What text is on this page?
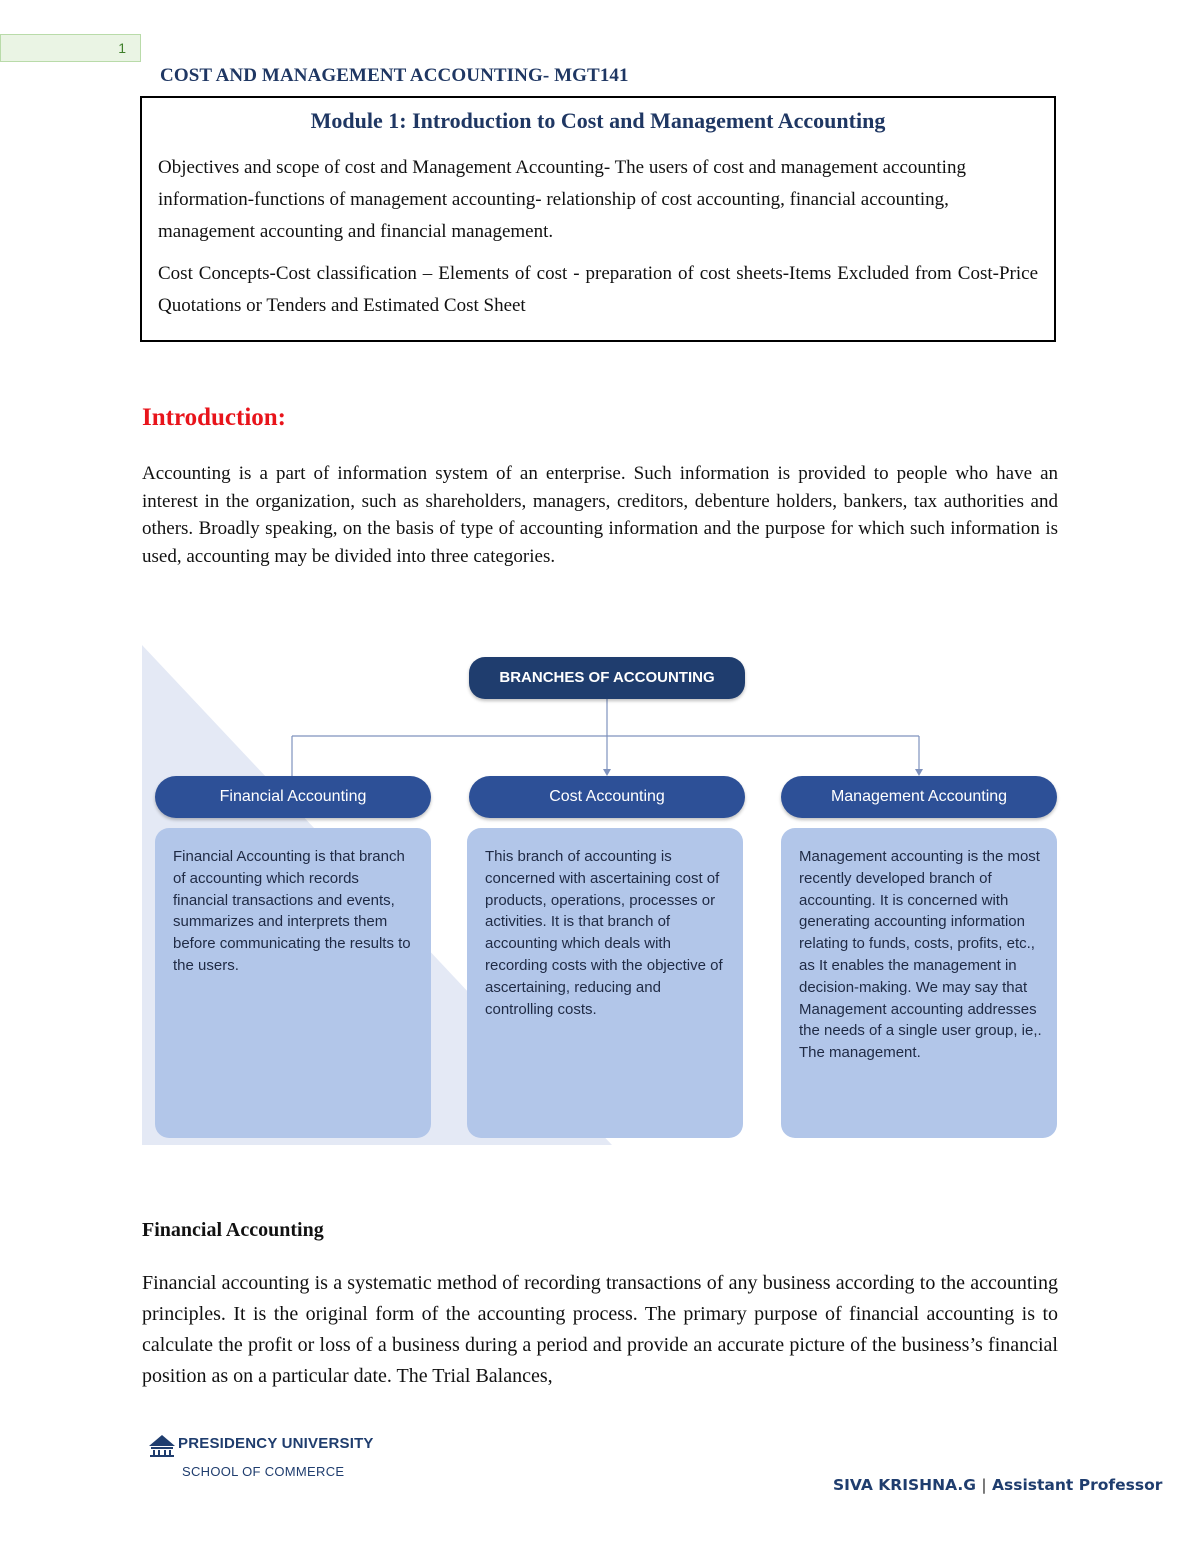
1
COST AND MANAGEMENT ACCOUNTING- MGT141

Module 1: Introduction to Cost and Management Accounting

Objectives and scope of cost and Management Accounting- The users of cost and management accounting information-functions of management accounting- relationship of cost accounting, financial accounting, management accounting and financial management.

Cost Concepts-Cost classification – Elements of cost - preparation of cost sheets-Items Excluded from Cost-Price Quotations or Tenders and Estimated Cost Sheet

Introduction:

Accounting is a part of information system of an enterprise. Such information is provided to people who have an interest in the organization, such as shareholders, managers, creditors, debenture holders, bankers, tax authorities and others. Broadly speaking, on the basis of type of accounting information and the purpose for which such information is used, accounting may be divided into three categories.

BRANCHES OF ACCOUNTING
Financial Accounting	Cost Accounting	Management Accounting
Financial Accounting is that branch of accounting which records financial transactions and events, summarizes and interprets them before communicating the results to the users.
This branch of accounting is concerned with ascertaining cost of products, operations, processes or activities. It is that branch of accounting which deals with recording costs with the objective of ascertaining, reducing and controlling costs.
Management accounting is the most recently developed branch of accounting. It is concerned with generating accounting information relating to funds, costs, profits, etc., as It enables the management in decision-making. We may say that Management accounting addresses the needs of a single user group, ie,. The management.

Financial Accounting

Financial accounting is a systematic method of recording transactions of any business according to the accounting principles. It is the original form of the accounting process. The primary purpose of financial accounting is to calculate the profit or loss of a business during a period and provide an accurate picture of the business’s financial position as on a particular date. The Trial Balances,

PRESIDENCY UNIVERSITY
SCHOOL OF COMMERCE
SIVA KRISHNA.G | Assistant Professor
